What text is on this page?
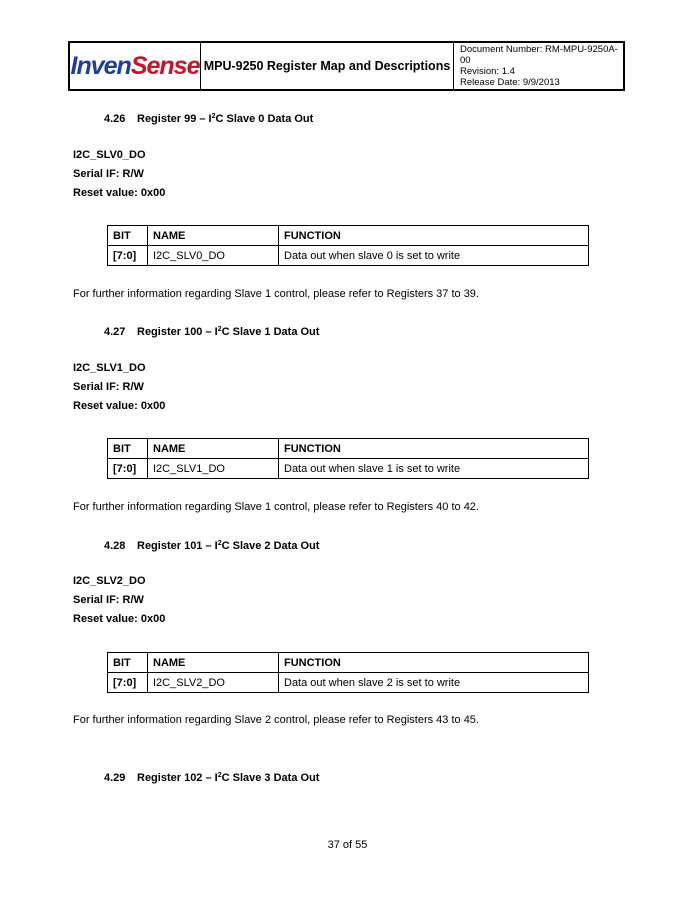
InvenSense MPU-9250 Register Map and Descriptions
Document Number: RM-MPU-9250A-00
Revision: 1.4
Release Date: 9/9/2013
4.26 Register $99 - I^2C$ Slave 0 Data Out
I2C_SLV0_DO
Serial IF: R/W
Reset value: 0x00
BIT	NAME	FUNCTION
[7:0]	I2C_SLV0_DO	Data out when slave 0 is set to write
For further information regarding Slave 1 control, please refer to Registers 37 to 39.
4.27 Register $100 - I^2C$ Slave 1 Data Out
I2C_SLV1_DO
Serial IF: R/W
Reset value: 0x00
BIT	NAME	FUNCTION
[7:0]	I2C_SLV1_DO	Data out when slave 1 is set to write
For further information regarding Slave 1 control, please refer to Registers 40 to 42.
4.28 Register $101 - I^2C$ Slave 2 Data Out
I2C_SLV2_DO
Serial IF: R/W
Reset value: 0x00
BIT	NAME	FUNCTION
[7:0]	I2C_SLV2_DO	Data out when slave 2 is set to write
For further information regarding Slave 2 control, please refer to Registers 43 to 45.
4.29 Register $102 - I^2C$ Slave 3 Data Out
37 of 55
